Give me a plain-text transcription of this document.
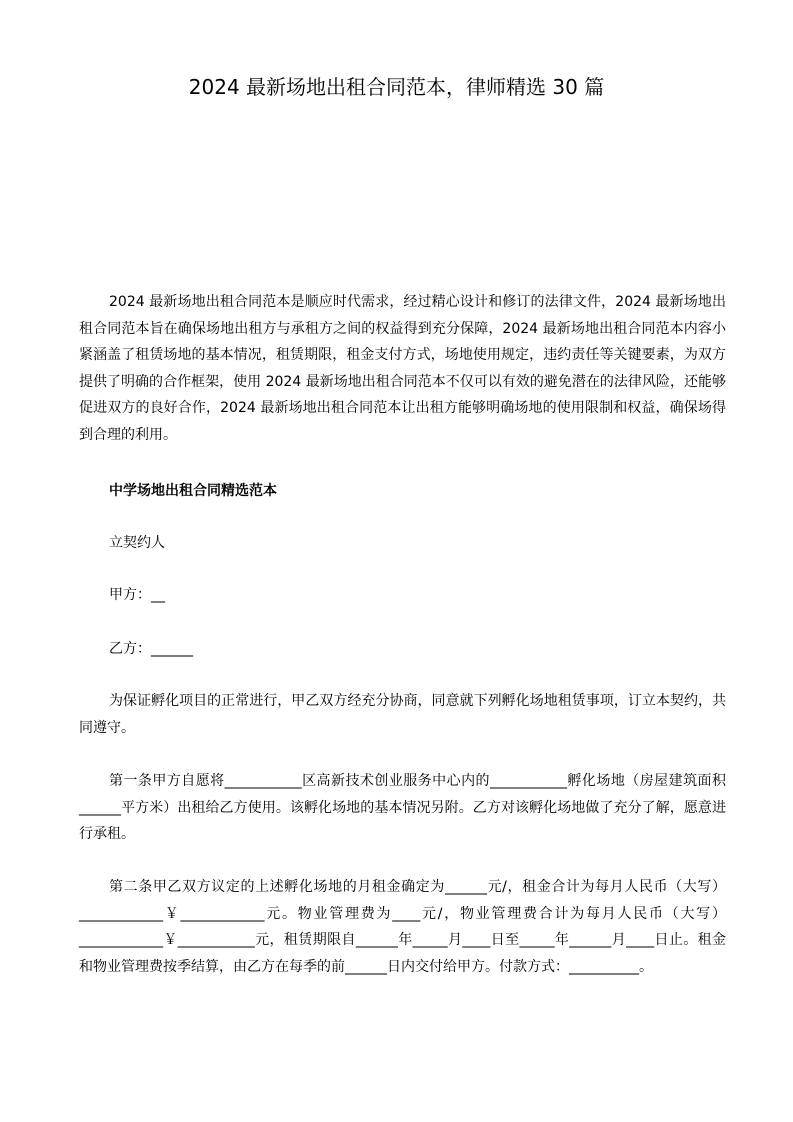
2024 最新场地出租合同范本，律师精选 30 篇

2024 最新场地出租合同范本是顺应时代需求，经过精心设计和修订的法律文件，2024 最新场地出租合同范本旨在确保场地出租方与承租方之间的权益得到充分保障，2024 最新场地出租合同范本内容小紧涵盖了租赁场地的基本情况，租赁期限，租金支付方式，场地使用规定，违约责任等关键要素，为双方提供了明确的合作框架，使用 2024 最新场地出租合同范本不仅可以有效的避免潜在的法律风险，还能够促进双方的良好合作，2024 最新场地出租合同范本让出租方能够明确场地的使用限制和权益，确保场得到合理的利用。

中学场地出租合同精选范本

立契约人

甲方：__

乙方：______

为保证孵化项目的正常进行，甲乙双方经充分协商，同意就下列孵化场地租赁事项，订立本契约，共同遵守。

第一条甲方自愿将___________区高新技术创业服务中心内的___________孵化场地（房屋建筑面积______平方米）出租给乙方使用。该孵化场地的基本情况另附。乙方对该孵化场地做了充分了解，愿意进行承租。

第二条甲乙双方议定的上述孵化场地的月租金确定为______元/，租金合计为每月人民币（大写）____________￥____________元。物业管理费为____元/，物业管理费合计为每月人民币（大写）____________￥___________元，租赁期限自______年_____月____日至_____年______月____日止。租金和物业管理费按季结算，由乙方在每季的前______日内交付给甲方。付款方式：__________。
